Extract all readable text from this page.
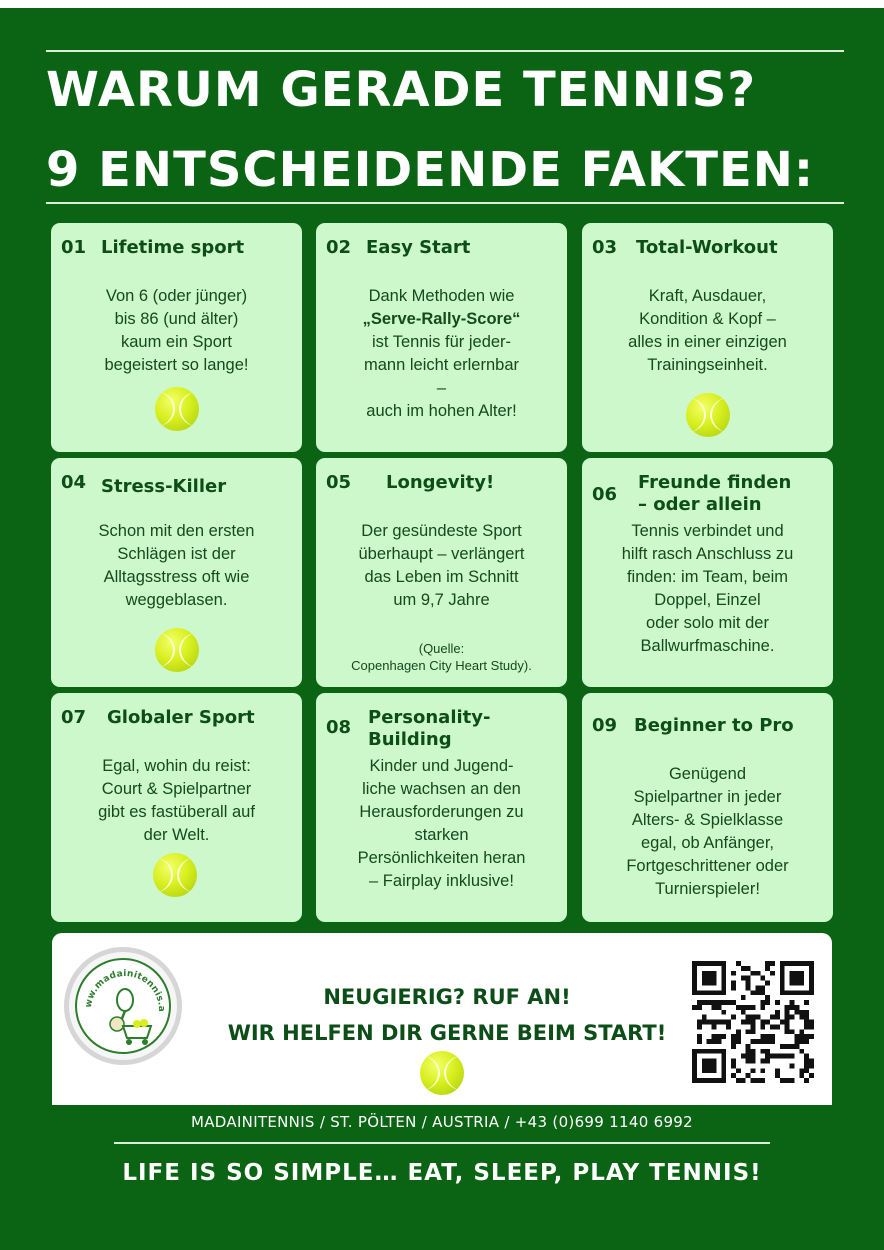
WARUM GERADE TENNIS?
9 ENTSCHEIDENDE FAKTEN:
01 Lifetime sport
Von 6 (oder jünger)
bis 86 (und älter)
kaum ein Sport
begeistert so lange!
02 Easy Start
Dank Methoden wie
„Serve-Rally-Score“
ist Tennis für jeder-
mann leicht erlernbar
–
auch im hohen Alter!
03 Total-Workout
Kraft, Ausdauer,
Kondition & Kopf –
alles in einer einzigen
Trainingseinheit.
04 Stress-Killer
Schon mit den ersten
Schlägen ist der
Alltagsstress oft wie
weggeblasen.
05 Longevity!
Der gesündeste Sport
überhaupt – verlängert
das Leben im Schnitt
um 9,7 Jahre
(Quelle:
Copenhagen City Heart Study).
06
Freunde finden
– oder allein
Tennis verbindet und
hilft rasch Anschluss zu
finden: im Team, beim
Doppel, Einzel
oder solo mit der
Ballwurfmaschine.
07 Globaler Sport
Egal, wohin du reist:
Court & Spielpartner
gibt es fastüberall auf
der Welt.
08 Personality-
Building
Kinder und Jugend-
liche wachsen an den
Herausforderungen zu
starken
Persönlichkeiten heran
– Fairplay inklusive!
09 Beginner to Pro
Genügend
Spielpartner in jeder
Alters- & Spielklasse
egal, ob Anfänger,
Fortgeschrittener oder
Turnierspieler!
ww.madainitennis.a	NEUGIERIG? RUF AN!
WIR HELFEN DIR GERNE BEIM START!
MADAINITENNIS / ST. PÖLTEN / AUSTRIA / +43 (0)699 1140 6992
LIFE IS SO SIMPLE… EAT, SLEEP, PLAY TENNIS!
